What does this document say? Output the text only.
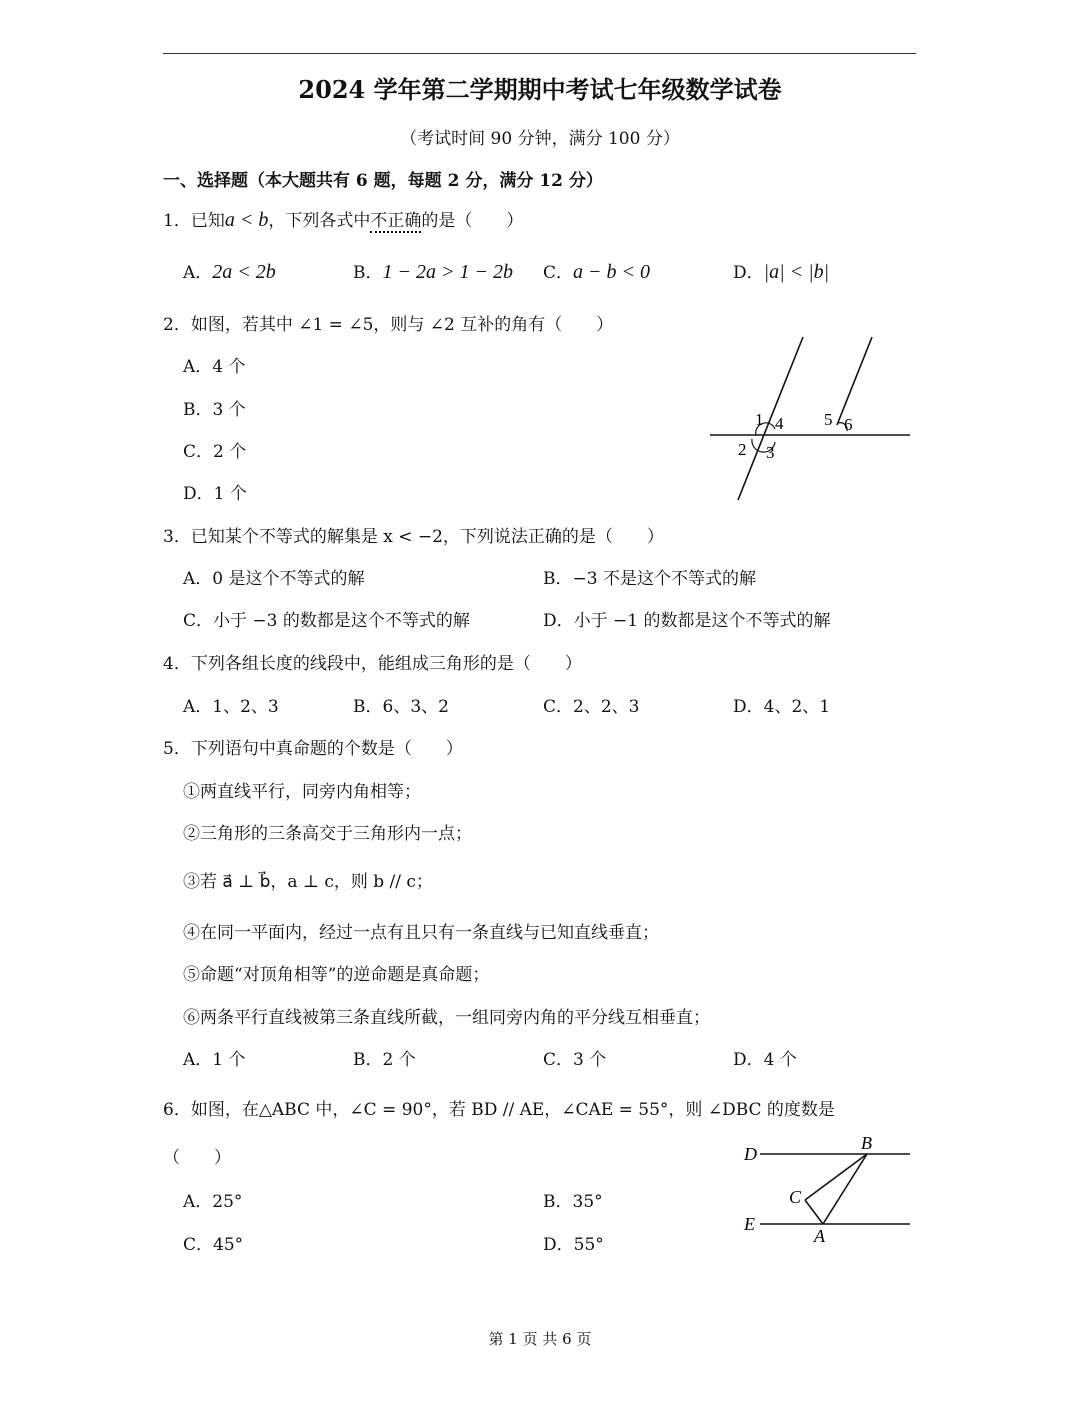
2024 学年第二学期期中考试七年级数学试卷
（考试时间 90 分钟，满分 100 分）
一、选择题（本大题共有 6 题，每题 2 分，满分 12 分）
1．已知a < b，下列各式中不正确的是（　　）
A．2a < 2b	B．1 − 2a > 1 − 2b C．a − b < 0	D．|a| < |b|
2．如图，若其中 ∠1 = ∠5，则与 ∠2 互补的角有（　　）
A．4 个
B．3 个
C．2 个
D．1 个
1 4
2 3
5 6
3．已知某个不等式的解集是 x < −2，下列说法正确的是（　　）
A．0 是这个不等式的解	B．−3 不是这个不等式的解
C．小于 −3 的数都是这个不等式的解	D．小于 −1 的数都是这个不等式的解
4．下列各组长度的线段中，能组成三角形的是（　　）
A．1、2、3	B．6、3、2	C．2、2、3	D．4、2、1
5．下列语句中真命题的个数是（　　）
①两直线平行，同旁内角相等；
②三角形的三条高交于三角形内一点；
③若 a⃗ ⊥ b⃗，a ⊥ c，则 b // c；
④在同一平面内，经过一点有且只有一条直线与已知直线垂直；
⑤命题“对顶角相等”的逆命题是真命题；
⑥两条平行直线被第三条直线所截，一组同旁内角的平分线互相垂直；
A．1 个	B．2 个	C．3 个	D．4 个
6．如图，在△ABC 中，∠C = 90°，若 BD // AE，∠CAE = 55°，则 ∠DBC 的度数是
（　　）
A．25°	B．35°
C．45°	D．55°
D
B
C
E
A
第 1 页 共 6 页
